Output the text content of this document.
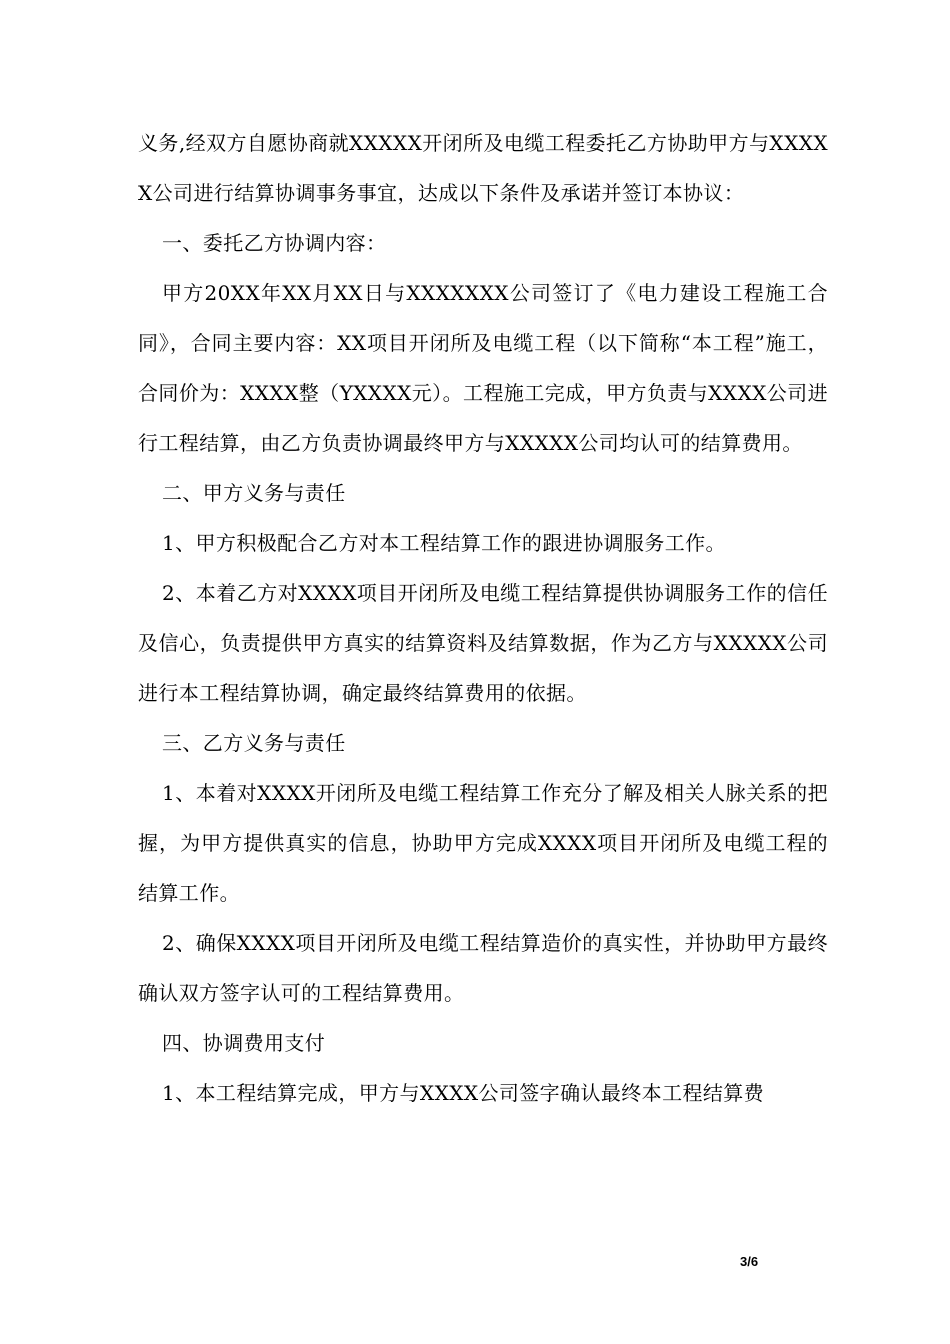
义务,经双方自愿协商就XXXXX开闭所及电缆工程委托乙方协助甲方与XXXXX公司进行结算协调事务事宜，达成以下条件及承诺并签订本协议：

一、委托乙方协调内容：

甲方20XX年XX月XX日与XXXXXXX公司签订了《电力建设工程施工合同》，合同主要内容：XX项目开闭所及电缆工程（以下简称“本工程”施工，合同价为：XXXX整（YXXXX元）。工程施工完成，甲方负责与XXXX公司进行工程结算，由乙方负责协调最终甲方与XXXXX公司均认可的结算费用。

二、甲方义务与责任

1、甲方积极配合乙方对本工程结算工作的跟进协调服务工作。

2、本着乙方对XXXX项目开闭所及电缆工程结算提供协调服务工作的信任及信心，负责提供甲方真实的结算资料及结算数据，作为乙方与XXXXX公司进行本工程结算协调，确定最终结算费用的依据。

三、乙方义务与责任

1、本着对XXXX开闭所及电缆工程结算工作充分了解及相关人脉关系的把握，为甲方提供真实的信息，协助甲方完成XXXX项目开闭所及电缆工程的结算工作。

2、确保XXXX项目开闭所及电缆工程结算造价的真实性，并协助甲方最终确认双方签字认可的工程结算费用。

四、协调费用支付

1、本工程结算完成，甲方与XXXX公司签字确认最终本工程结算费

3/6
